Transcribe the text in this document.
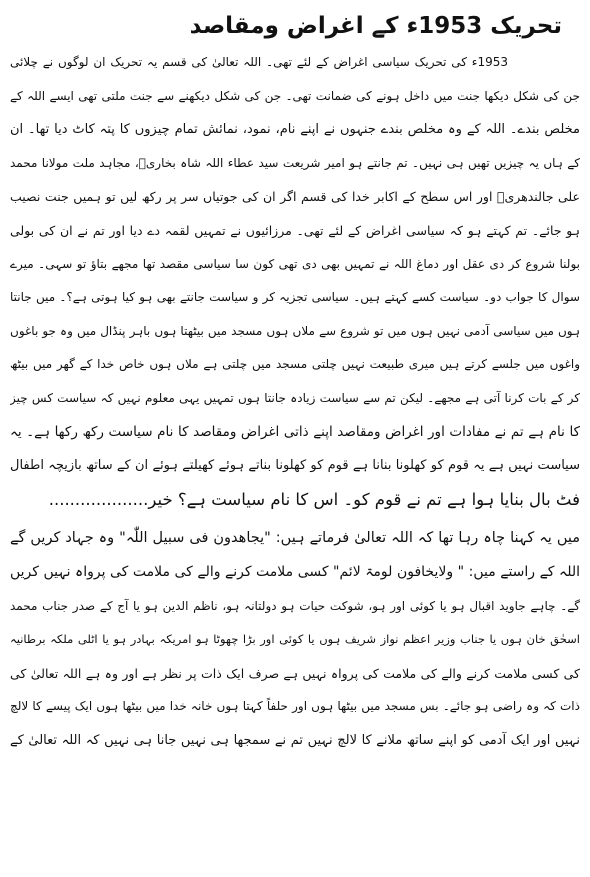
تحریک 1953ء کے اغراض ومقاصد
1953ء کی تحریک سیاسی اغراض کے لئے تھی۔ اللہ تعالیٰ کی قسم یہ تحریک ان لوگوں نے چلائی
جن کی شکل دیکھا جنت میں داخل ہونے کی ضمانت تھی۔ جن کی شکل دیکھنے سے جنت ملتی تھی ایسے اللہ کے
مخلص بندے۔ اللہ کے وہ مخلص بندے جنہوں نے اپنے نام، نمود، نمائش تمام چیزوں کا پتہ کاٹ دیا تھا۔ ان
کے ہاں یہ چیزیں تھیں ہی نہیں۔ تم جانتے ہو امیر شریعت سید عطاء اللہ شاہ بخاریؒ، مجاہد ملت مولانا محمد
علی جالندھریؒ اور اس سطح کے اکابر خدا کی قسم اگر ان کی جوتیاں سر پر رکھ لیں تو ہمیں جنت نصیب
ہو جائے۔ تم کہتے ہو کہ سیاسی اغراض کے لئے تھی۔ مرزائیوں نے تمہیں لقمہ دے دیا اور تم نے ان کی بولی
بولنا شروع کر دی عقل اور دماغ اللہ نے تمہیں بھی دی تھی کون سا سیاسی مقصد تھا مجھے بتاؤ تو سہی۔ میرے
سوال کا جواب دو۔ سیاست کسے کہتے ہیں۔ سیاسی تجزیہ کر و سیاست جانتے بھی ہو کیا ہوتی ہے؟۔ میں جانتا
ہوں میں سیاسی آدمی نہیں ہوں میں تو شروع سے ملاں ہوں مسجد میں بیٹھتا ہوں باہر پنڈال میں وہ جو باغوں
واغوں میں جلسے کرتے ہیں میری طبیعت نہیں چلتی مسجد میں چلتی ہے ملاں ہوں خاص خدا کے گھر میں بیٹھ
کر کے بات کرنا آتی ہے مجھے۔ لیکن تم سے سیاست زیادہ جانتا ہوں تمہیں یہی معلوم نہیں کہ سیاست کس چیز
کا نام ہے تم نے مفادات اور اغراض ومقاصد اپنے ذاتی اغراض ومقاصد کا نام سیاست رکھ رکھا ہے۔ یہ
سیاست نہیں ہے یہ قوم کو کھلونا بنانا ہے قوم کو کھلونا بناتے ہوئے کھیلتے ہوئے ان کے ساتھ بازیچہ اطفال
فٹ بال بنایا ہوا ہے تم نے قوم کو۔ اس کا نام سیاست ہے؟ خیر...................
میں یہ کہنا چاہ رہا تھا کہ اللہ تعالیٰ فرماتے ہیں: "یجاھدون فی سبیل اللّٰہ" وہ جہاد کریں گے
اللہ کے راستے میں: " ولایخافون لومۃ لائم" کسی ملامت کرنے والے کی ملامت کی پرواہ نہیں کریں
گے۔ چاہے جاوید اقبال ہو یا کوئی اور ہو، شوکت حیات ہو دولتانہ ہو، ناظم الدین ہو یا آج کے صدر جناب محمد
اسحٰق خان ہوں یا جناب وزیر اعظم نواز شریف ہوں یا کوئی اور بڑا چھوٹا ہو امریکہ بہادر ہو یا اٹلی ملکہ برطانیہ
کی کسی ملامت کرنے والے کی ملامت کی پرواہ نہیں ہے صرف ایک ذات پر نظر ہے اور وہ ہے اللہ تعالیٰ کی
ذات کہ وہ راضی ہو جائے۔ بس مسجد میں بیٹھا ہوں اور حلفاً کہتا ہوں خانہ خدا میں بیٹھا ہوں ایک پیسے کا لالچ
نہیں اور ایک آدمی کو اپنے ساتھ ملانے کا لالچ نہیں تم نے سمجھا ہی نہیں جانا ہی نہیں کہ اللہ تعالیٰ کے
